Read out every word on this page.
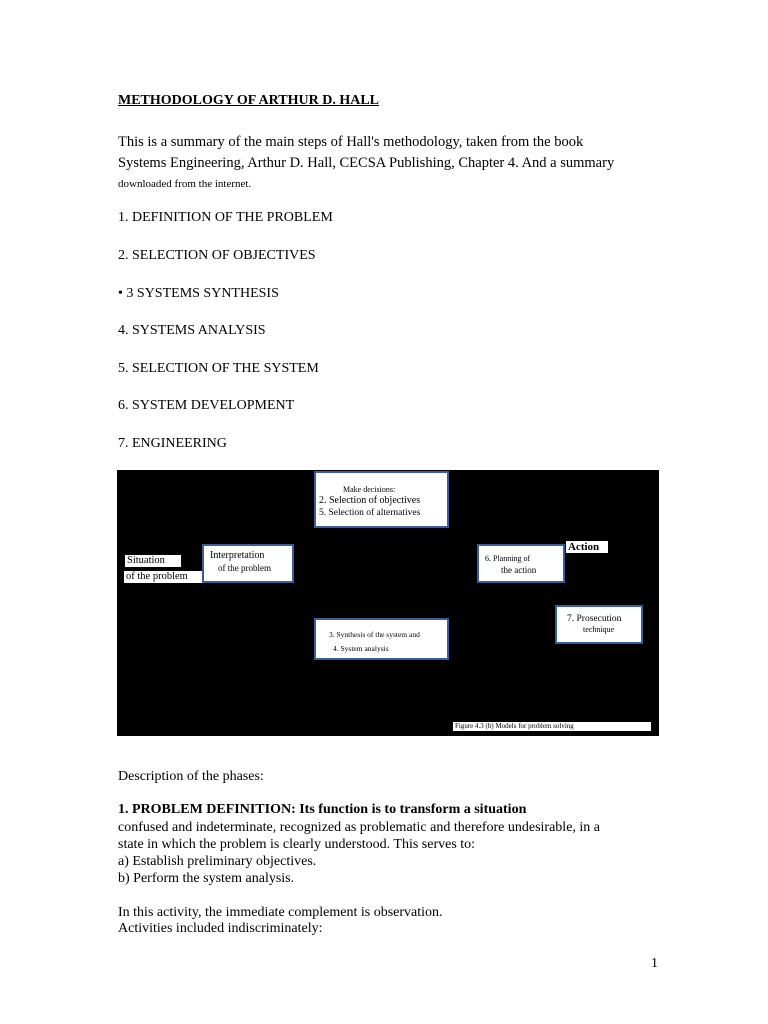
METHODOLOGY OF ARTHUR D. HALL
This is a summary of the main steps of Hall's methodology, taken from the book
Systems Engineering, Arthur D. Hall, CECSA Publishing, Chapter 4. And a summary
downloaded from the internet.
1. DEFINITION OF THE PROBLEM
2. SELECTION OF OBJECTIVES
• 3 SYSTEMS SYNTHESIS
4. SYSTEMS ANALYSIS
5. SELECTION OF THE SYSTEM
6. SYSTEM DEVELOPMENT
7. ENGINEERING
Make decisions:
2. Selection of objectives
5. Selection of alternatives
Situation
of the problem
Interpretation
of the problem
6. Planning of
the action
Action
3. Synthesis of the system and
4. System analysis
7. Prosecution
technique
Figure 4.3 (b) Models for problem solving
Description of the phases:
1. PROBLEM DEFINITION: Its function is to transform a situation
confused and indeterminate, recognized as problematic and therefore undesirable, in a
state in which the problem is clearly understood. This serves to:
a) Establish preliminary objectives.
b) Perform the system analysis.
In this activity, the immediate complement is observation.
Activities included indiscriminately:
1
